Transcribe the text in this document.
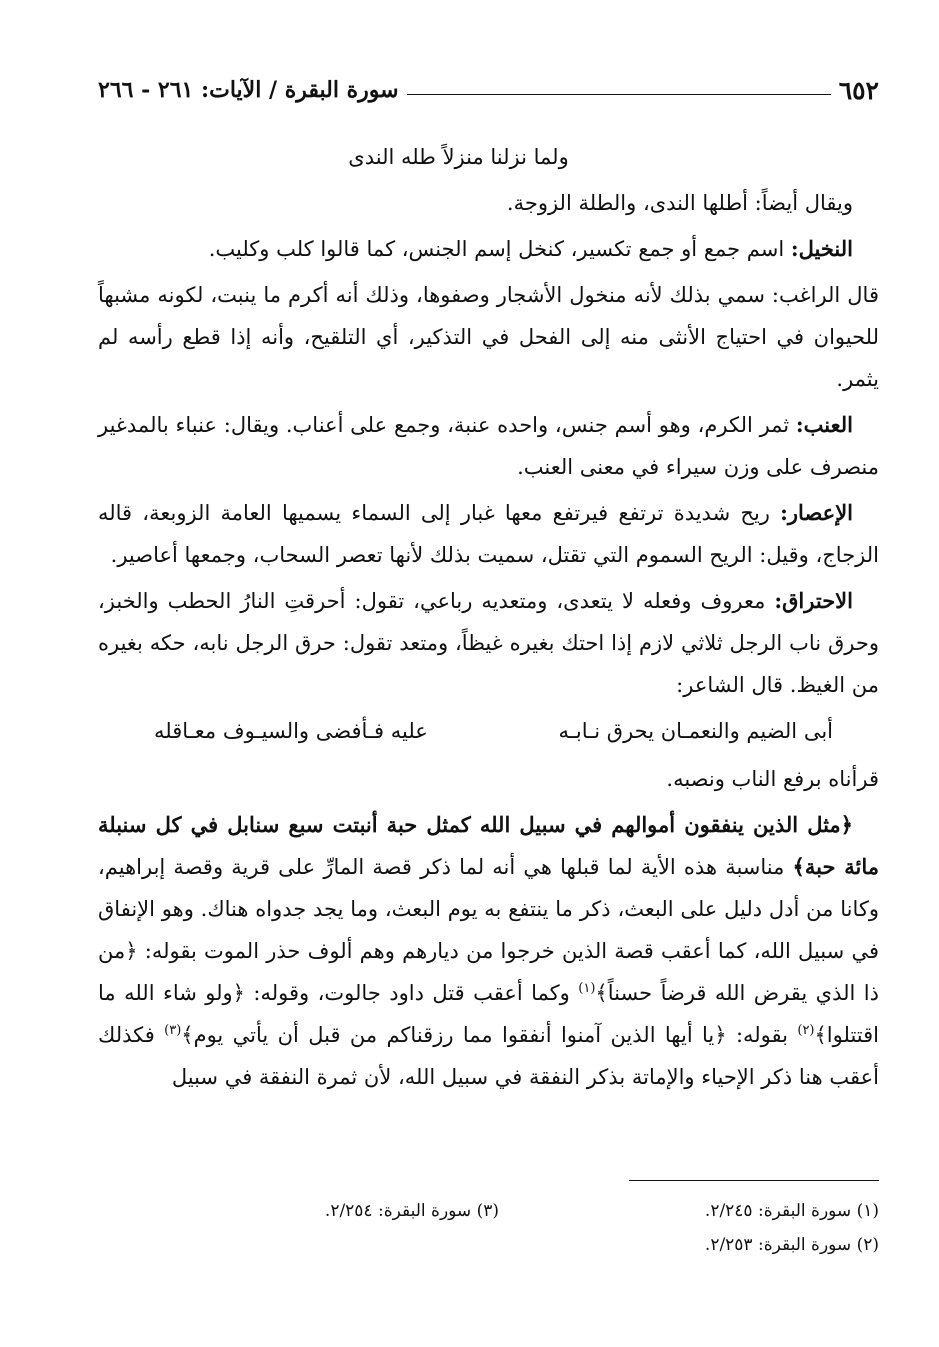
٦٥٢
سورة البقرة / الآيات: ٢٦١ - ٢٦٦

ولما نزلنا منزلاً طله الندى

ويقال أيضاً: أطلها الندى، والطلة الزوجة.

النخيل: اسم جمع أو جمع تكسير، كنخل إسم الجنس، كما قالوا كلب وكليب.

قال الراغب: سمي بذلك لأنه منخول الأشجار وصفوها، وذلك أنه أكرم ما ينبت، لكونه مشبهاً للحيوان في احتياج الأنثى منه إلى الفحل في التذكير، أي التلقيح، وأنه إذا قطع رأسه لم يثمر.

العنب: ثمر الكرم، وهو أسم جنس، واحده عنبة، وجمع على أعناب. ويقال: عنباء بالمدغير منصرف على وزن سيراء في معنى العنب.

الإعصار: ريح شديدة ترتفع فيرتفع معها غبار إلى السماء يسميها العامة الزوبعة، قاله الزجاج، وقيل: الريح السموم التي تقتل، سميت بذلك لأنها تعصر السحاب، وجمعها أعاصير.

الاحتراق: معروف وفعله لا يتعدى، ومتعديه رباعي، تقول: أحرقتِ النارُ الحطب والخبز، وحرق ناب الرجل ثلاثي لازم إذا احتك بغيره غيظاً، ومتعد تقول: حرق الرجل نابه، حكه بغيره من الغيظ. قال الشاعر:

أبى الضيم والنعمـان يحرق نـابـه
عليه فـأفضى والسيـوف معـاقله

قرأناه برفع الناب ونصبه.

﴿مثل الذين ينفقون أموالهم في سبيل الله كمثل حبة أنبتت سبع سنابل في كل سنبلة مائة حبة﴾ مناسبة هذه الأية لما قبلها هي أنه لما ذكر قصة المارِّ على قرية وقصة إبراهيم، وكانا من أدل دليل على البعث، ذكر ما ينتفع به يوم البعث، وما يجد جدواه هناك. وهو الإنفاق في سبيل الله، كما أعقب قصة الذين خرجوا من ديارهم وهم ألوف حذر الموت بقوله: ﴿من ذا الذي يقرض الله قرضاً حسناً﴾$^{(١)}$ وكما أعقب قتل داود جالوت، وقوله: ﴿ولو شاء الله ما اقتتلوا﴾$^{(٢)}$ بقوله: ﴿يا أيها الذين آمنوا أنفقوا مما رزقناكم من قبل أن يأتي يوم﴾$^{(٣)}$ فكذلك أعقب هنا ذكر الإحياء والإماتة بذكر النفقة في سبيل الله، لأن ثمرة النفقة في سبيل

(١) سورة البقرة: ٢/٢٤٥.
(٣) سورة البقرة: ٢/٢٥٤.
(٢) سورة البقرة: ٢/٢٥٣.
